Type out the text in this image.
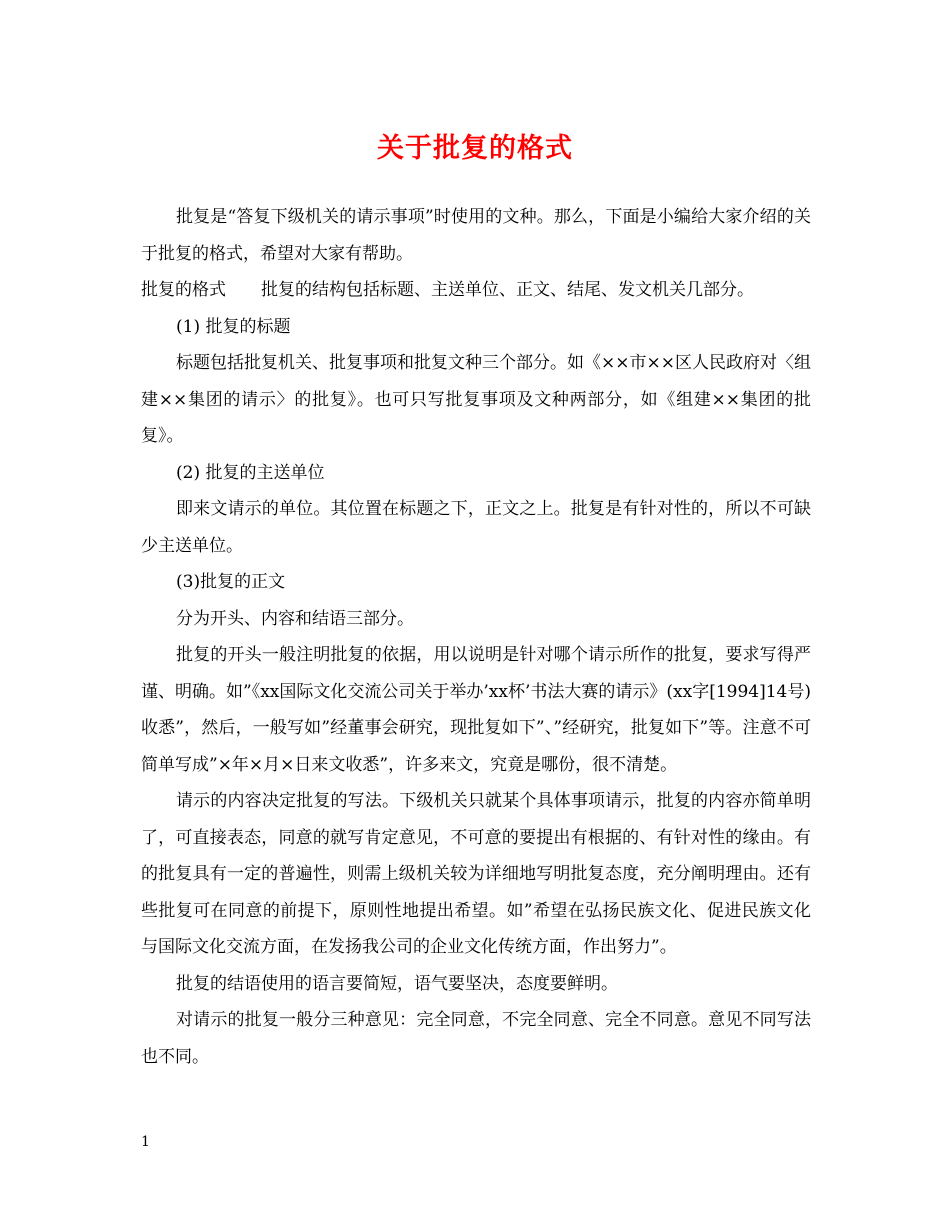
关于批复的格式

批复是“答复下级机关的请示事项”时使用的文种。那么，下面是小编给大家介绍的关于批复的格式，希望对大家有帮助。

批复的格式 批复的结构包括标题、主送单位、正文、结尾、发文机关几部分。

(1) 批复的标题

标题包括批复机关、批复事项和批复文种三个部分。如《××市××区人民政府对〈组建××集团的请示〉的批复》。也可只写批复事项及文种两部分，如《组建××集团的批复》。

(2) 批复的主送单位

即来文请示的单位。其位置在标题之下，正文之上。批复是有针对性的，所以不可缺少主送单位。

(3)批复的正文

分为开头、内容和结语三部分。

批复的开头一般注明批复的依据，用以说明是针对哪个请示所作的批复，要求写得严谨、明确。如”《xx国际文化交流公司关于举办’xx杯’书法大赛的请示》(xx字[1994]14号)收悉”，然后，一般写如”经董事会研究，现批复如下”、”经研究，批复如下”等。注意不可简单写成”×年×月×日来文收悉”，许多来文，究竟是哪份，很不清楚。

请示的内容决定批复的写法。下级机关只就某个具体事项请示，批复的内容亦简单明了，可直接表态，同意的就写肯定意见，不可意的要提出有根据的、有针对性的缘由。有的批复具有一定的普遍性，则需上级机关较为详细地写明批复态度，充分阐明理由。还有些批复可在同意的前提下，原则性地提出希望。如”希望在弘扬民族文化、促进民族文化与国际文化交流方面，在发扬我公司的企业文化传统方面，作出努力”。

批复的结语使用的语言要简短，语气要坚决，态度要鲜明。

对请示的批复一般分三种意见：完全同意，不完全同意、完全不同意。意见不同写法也不同。

1
